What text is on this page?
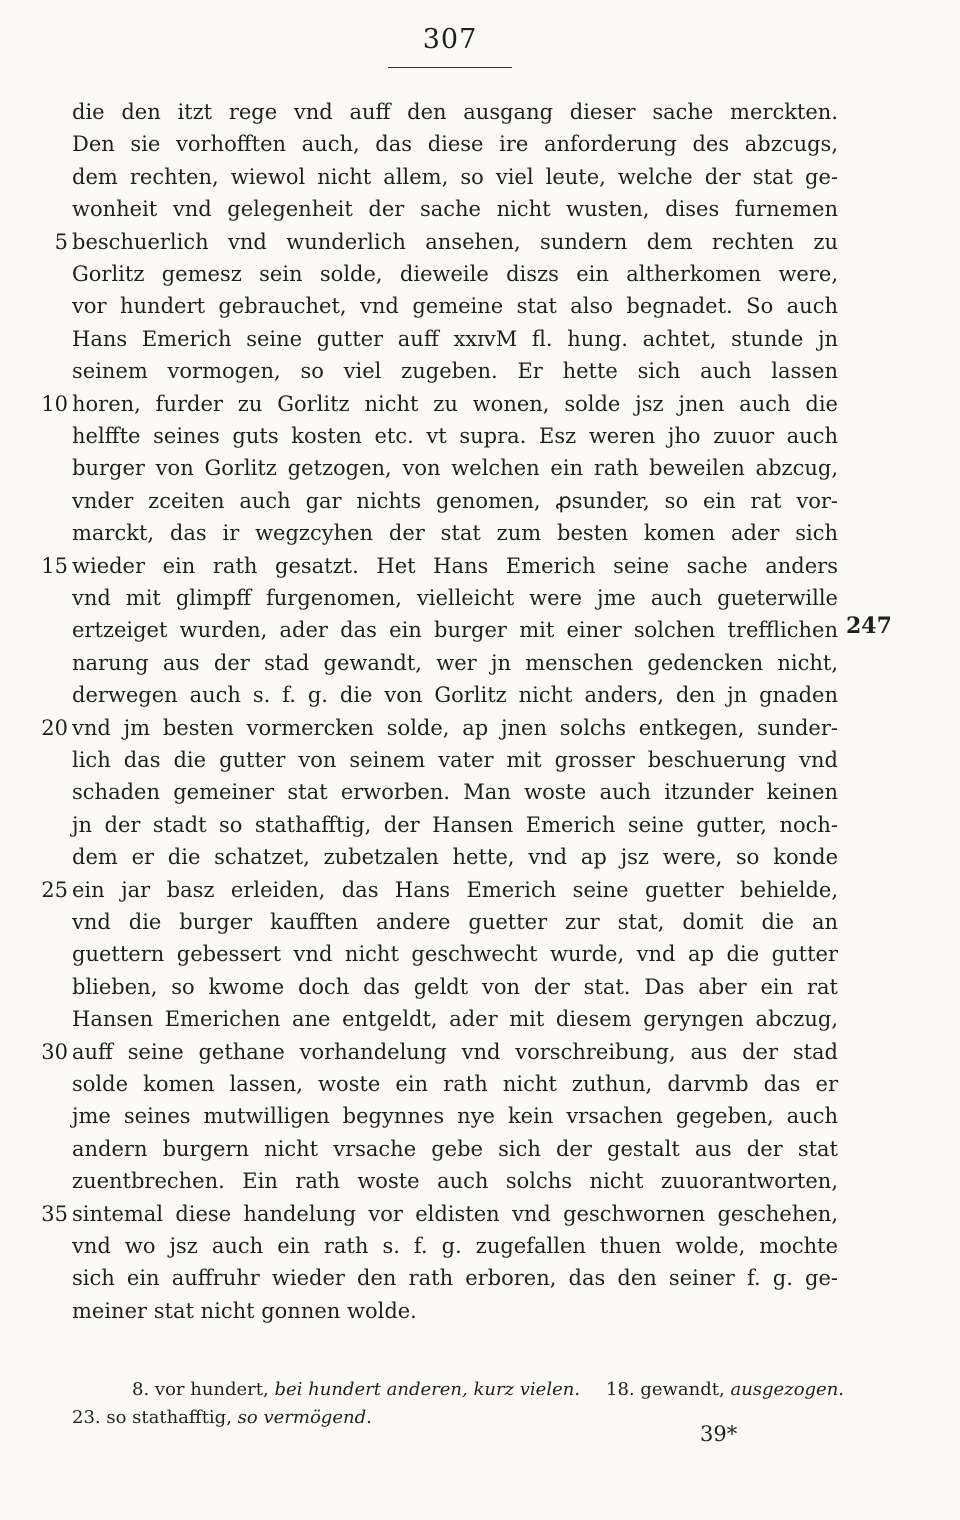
307
die den itzt rege vnd auff den ausgang dieser sache merckten.
Den sie vorhofften auch, das diese ire anforderung des abzcugs,
dem rechten, wiewol nicht allem, so viel leute, welche der stat ge-
wonheit vnd gelegenheit der sache nicht wusten, dises furnemen
beschuerlich vnd wunderlich ansehen, sundern dem rechten zu
Gorlitz gemesz sein solde, dieweile diszs ein altherkomen were,
vor hundert gebrauchet, vnd gemeine stat also begnadet. So auch
Hans Emerich seine gutter auff xxɪᴠM fl. hung. achtet, stunde jn
seinem vormogen, so viel zugeben. Er hette sich auch lassen
horen, furder zu Gorlitz nicht zu wonen, solde jsz jnen auch die
helffte seines guts kosten etc. vt supra. Esz weren jho zuuor auch
burger von Gorlitz getzogen, von welchen ein rath beweilen abzcug,
vnder zceiten auch gar nichts genomen, ꝓsunder, so ein rat vor-
marckt, das ir wegzcyhen der stat zum besten komen ader sich
wieder ein rath gesatzt. Het Hans Emerich seine sache anders
vnd mit glimpff furgenomen, vielleicht were jme auch gueterwille
ertzeiget wurden, ader das ein burger mit einer solchen trefflichen
narung aus der stad gewandt, wer jn menschen gedencken nicht,
derwegen auch s. f. g. die von Gorlitz nicht anders, den jn gnaden
vnd jm besten vormercken solde, ap jnen solchs entkegen, sunder-
lich das die gutter von seinem vater mit grosser beschuerung vnd
schaden gemeiner stat erworben. Man woste auch itzunder keinen
jn der stadt so stathafftig, der Hansen Emerich seine gutter, noch-
dem er die schatzet, zubetzalen hette, vnd ap jsz were, so konde
ein jar basz erleiden, das Hans Emerich seine guetter behielde,
vnd die burger kaufften andere guetter zur stat, domit die an
guettern gebessert vnd nicht geschwecht wurde, vnd ap die gutter
blieben, so kwome doch das geldt von der stat. Das aber ein rat
Hansen Emerichen ane entgeldt, ader mit diesem geryngen abczug,
auff seine gethane vorhandelung vnd vorschreibung, aus der stad
solde komen lassen, woste ein rath nicht zuthun, darvmb das er
jme seines mutwilligen begynnes nye kein vrsachen gegeben, auch
andern burgern nicht vrsache gebe sich der gestalt aus der stat
zuentbrechen. Ein rath woste auch solchs nicht zuuorantworten,
sintemal diese handelung vor eldisten vnd geschwornen geschehen,
vnd wo jsz auch ein rath s. f. g. zugefallen thuen wolde, mochte
sich ein auffruhr wieder den rath erboren, das den seiner f. g. ge-
meiner stat nicht gonnen wolde.
5
10
15
20
25
30
35
247
8. vor hundert, bei hundert anderen, kurz vielen. 18. gewandt, ausgezogen.
23. so stathafftig, so vermögend.
39*
